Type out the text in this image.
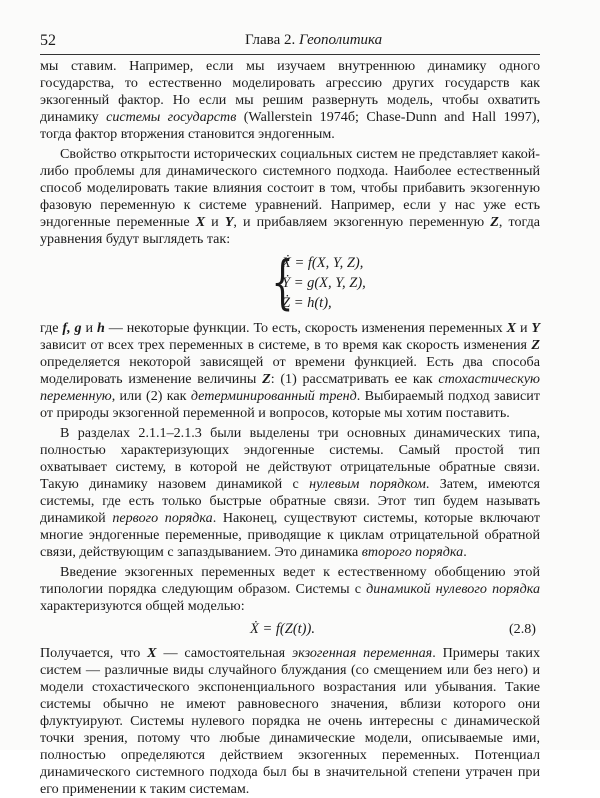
52	Глава 2. Геополитика

мы ставим. Например, если мы изучаем внутреннюю динамику одного государства, то естественно моделировать агрессию других государств как экзогенный фактор. Но если мы решим развернуть модель, чтобы охватить динамику системы государств (Wallerstein 1974б; Chase-Dunn and Hall 1997), тогда фактор вторжения становится эндогенным.

Свойство открытости исторических социальных систем не представляет какой-либо проблемы для динамического системного подхода. Наиболее естественный способ моделировать такие влияния состоит в том, чтобы прибавить экзогенную фазовую переменную к системе уравнений. Например, если у нас уже есть эндогенные переменные X и Y, и прибавляем экзогенную переменную Z, тогда уравнения будут выглядеть так:

{
Ẋ = f(X, Y, Z),
Ẏ = g(X, Y, Z),
Ż = h(t),

где f, g и h — некоторые функции. То есть, скорость изменения переменных X и Y зависит от всех трех переменных в системе, в то время как скорость изменения Z определяется некоторой зависящей от времени функцией. Есть два способа моделировать изменение величины Z: (1) рассматривать ее как стохастическую переменную, или (2) как детерминированный тренд. Выбираемый подход зависит от природы экзогенной переменной и вопросов, которые мы хотим поставить.

В разделах 2.1.1–2.1.3 были выделены три основных динамических типа, полностью характеризующих эндогенные системы. Самый простой тип охватывает систему, в которой не действуют отрицательные обратные связи. Такую динамику назовем динамикой с нулевым порядком. Затем, имеются системы, где есть только быстрые обратные связи. Этот тип будем называть динамикой первого порядка. Наконец, существуют системы, которые включают многие эндогенные переменные, приводящие к циклам отрицательной обратной связи, действующим с запаздыванием. Это динамика второго порядка.

Введение экзогенных переменных ведет к естественному обобщению этой типологии порядка следующим образом. Системы с динамикой нулевого порядка характеризуются общей моделью:

Ẋ = f(Z(t)).	(2.8)

Получается, что X — самостоятельная экзогенная переменная. Примеры таких систем — различные виды случайного блуждания (со смещением или без него) и модели стохастического экспоненциального возрастания или убывания. Такие системы обычно не имеют равновесного значения, вблизи которого они флуктуируют. Системы нулевого порядка не очень интересны с динамической точки зрения, потому что любые динамические модели, описываемые ими, полностью определяются действием экзогенных переменных. Потенциал динамического системного подхода был бы в значительной степени утрачен при его применении к таким системам.
